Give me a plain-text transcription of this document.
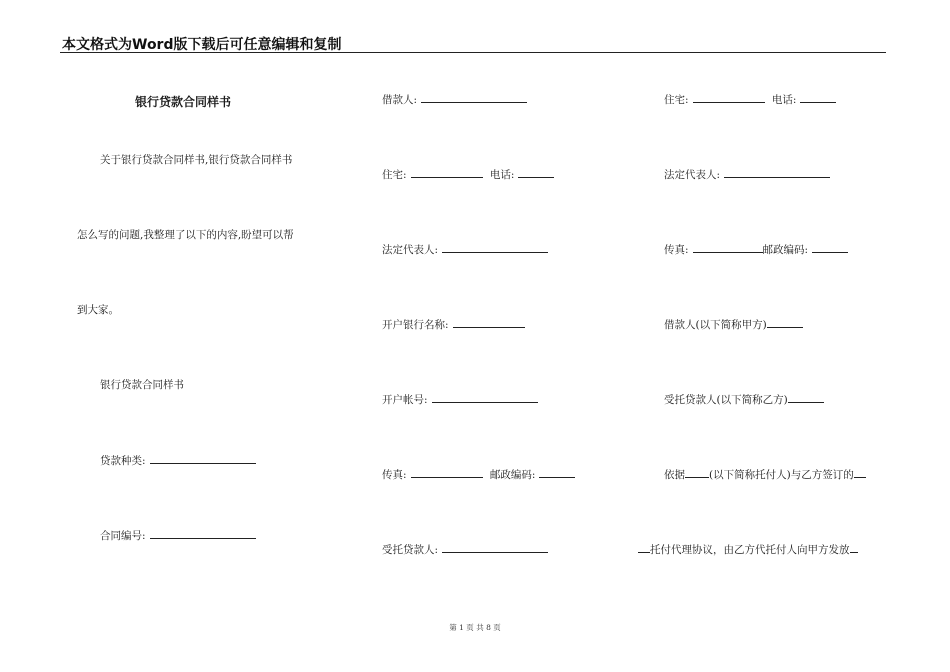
本文格式为Word版下载后可任意编辑和复制
银行贷款合同样书
关于银行贷款合同样书,银行贷款合同样书
怎么写的问题,我整理了以下的内容,盼望可以帮
到大家。
银行贷款合同样书
贷款种类:
合同编号:
借款人:
住宅:	电话:
法定代表人:
开户银行名称:
开户帐号:
传真:	邮政编码:
受托贷款人:
住宅:	电话:
法定代表人:
传真:	邮政编码:
借款人(以下简称甲方)
受托贷款人(以下简称乙方)
依据 (以下简称托付人)与乙方签订的
托付代理协议，由乙方代托付人向甲方发放
第 1 页 共 8 页
